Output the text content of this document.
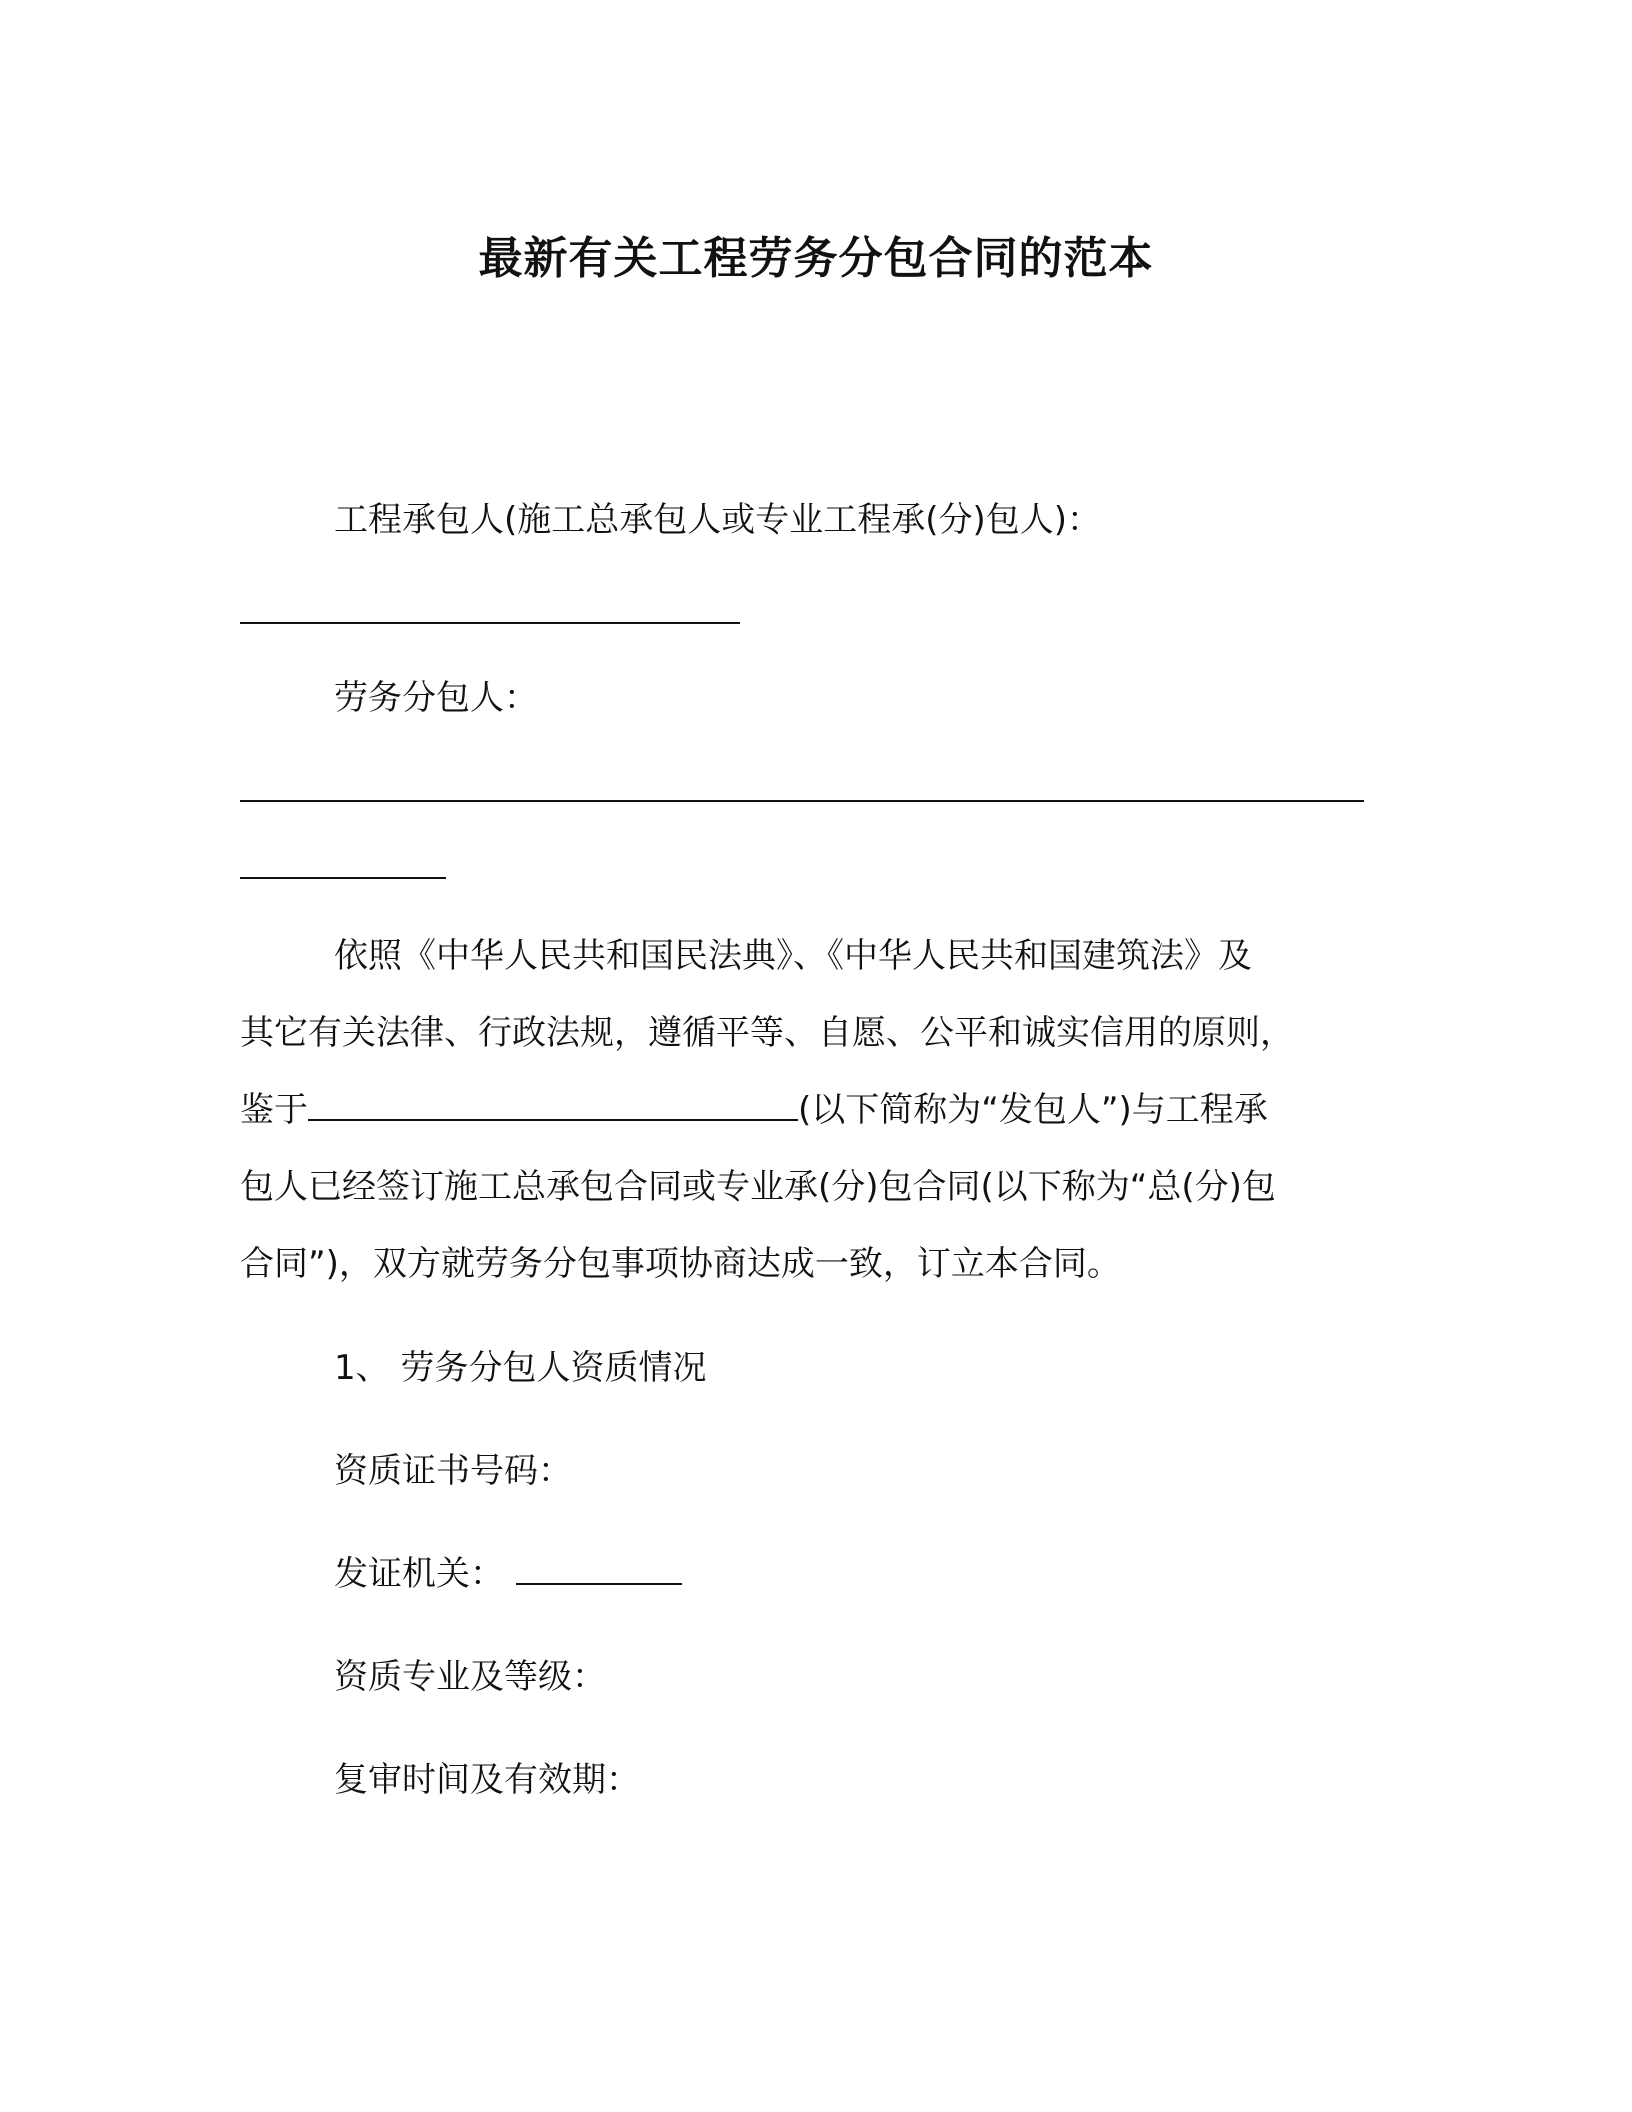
最新有关工程劳务分包合同的范本
工程承包人(施工总承包人或专业工程承(分)包人)：
劳务分包人：
依照《中华人民共和国民法典》、《中华人民共和国建筑法》及
其它有关法律、行政法规，遵循平等、自愿、公平和诚实信用的原则，
鉴于	(以下简称为“发包人”)与工程承
包人已经签订施工总承包合同或专业承(分)包合同(以下称为“总(分)包
合同”)，双方就劳务分包事项协商达成一致，订立本合同。
1、 劳务分包人资质情况
资质证书号码：
发证机关：
资质专业及等级：
复审时间及有效期：
